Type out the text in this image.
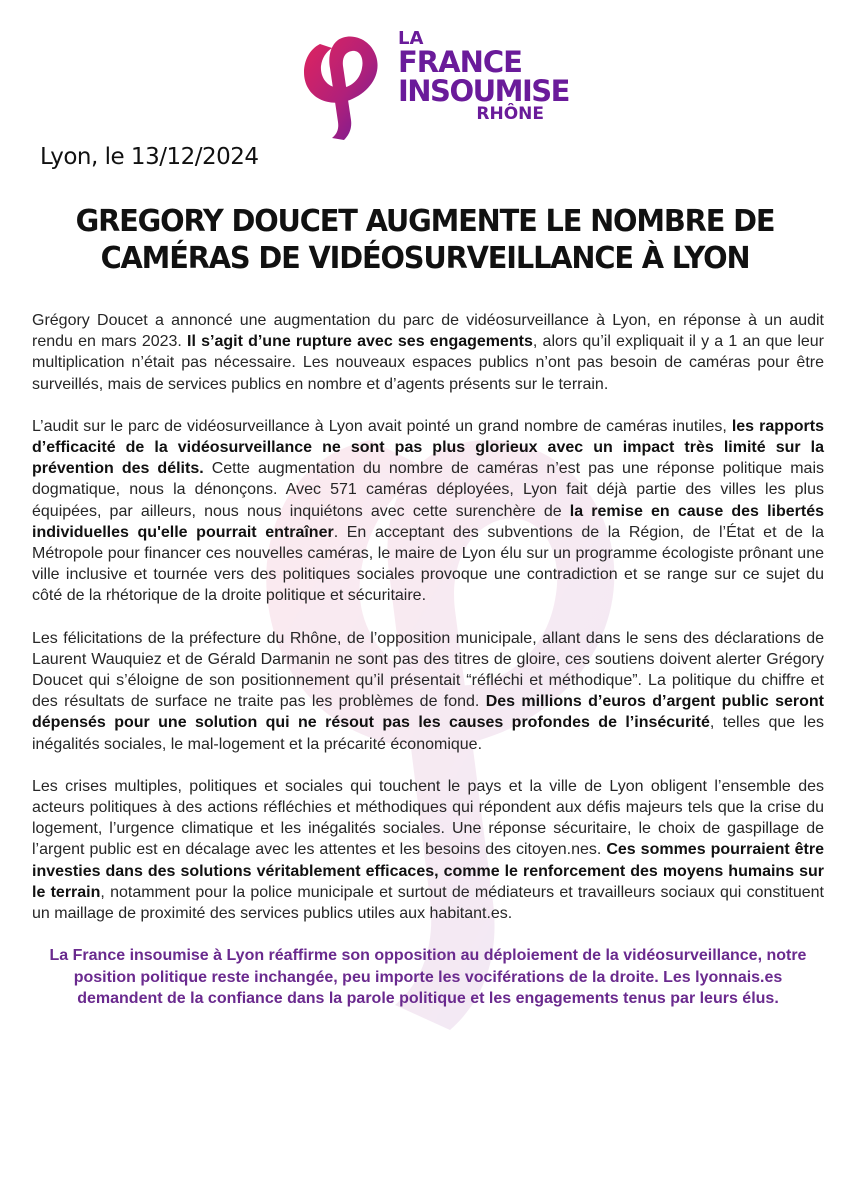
LA
FRANCE
INSOUMISE
RHÔNE
Lyon, le 13/12/2024
GREGORY DOUCET AUGMENTE LE NOMBRE DE
CAMÉRAS DE VIDÉOSURVEILLANCE À LYON

Grégory Doucet a annoncé une augmentation du parc de vidéosurveillance à Lyon, en réponse à un audit rendu en mars 2023. Il s’agit d’une rupture avec ses engagements, alors qu’il expliquait il y a 1 an que leur multiplication n’était pas nécessaire. Les nouveaux espaces publics n’ont pas besoin de caméras pour être surveillés, mais de services publics en nombre et d’agents présents sur le terrain.

L’audit sur le parc de vidéosurveillance à Lyon avait pointé un grand nombre de caméras inutiles, les rapports d’efficacité de la vidéosurveillance ne sont pas plus glorieux avec un impact très limité sur la prévention des délits. Cette augmentation du nombre de caméras n’est pas une réponse politique mais dogmatique, nous la dénonçons. Avec 571 caméras déployées, Lyon fait déjà partie des villes les plus équipées, par ailleurs, nous nous inquiétons avec cette surenchère de la remise en cause des libertés individuelles qu'elle pourrait entraîner. En acceptant des subventions de la Région, de l’État et de la Métropole pour financer ces nouvelles caméras, le maire de Lyon élu sur un programme écologiste prônant une ville inclusive et tournée vers des politiques sociales provoque une contradiction et se range sur ce sujet du côté de la rhétorique de la droite politique et sécuritaire.

Les félicitations de la préfecture du Rhône, de l’opposition municipale, allant dans le sens des déclarations de Laurent Wauquiez et de Gérald Darmanin ne sont pas des titres de gloire, ces soutiens doivent alerter Grégory Doucet qui s’éloigne de son positionnement qu’il présentait “réfléchi et méthodique”. La politique du chiffre et des résultats de surface ne traite pas les problèmes de fond. Des millions d’euros d’argent public seront dépensés pour une solution qui ne résout pas les causes profondes de l’insécurité, telles que les inégalités sociales, le mal-logement et la précarité économique.

Les crises multiples, politiques et sociales qui touchent le pays et la ville de Lyon obligent l’ensemble des acteurs politiques à des actions réfléchies et méthodiques qui répondent aux défis majeurs tels que la crise du logement, l’urgence climatique et les inégalités sociales. Une réponse sécuritaire, le choix de gaspillage de l’argent public est en décalage avec les attentes et les besoins des citoyen.nes. Ces sommes pourraient être investies dans des solutions véritablement efficaces, comme le renforcement des moyens humains sur le terrain, notamment pour la police municipale et surtout de médiateurs et travailleurs sociaux qui constituent un maillage de proximité des services publics utiles aux habitant.es.

La France insoumise à Lyon réaffirme son opposition au déploiement de la vidéosurveillance, notre position politique reste inchangée, peu importe les vociférations de la droite. Les lyonnais.es demandent de la confiance dans la parole politique et les engagements tenus par leurs élus.
